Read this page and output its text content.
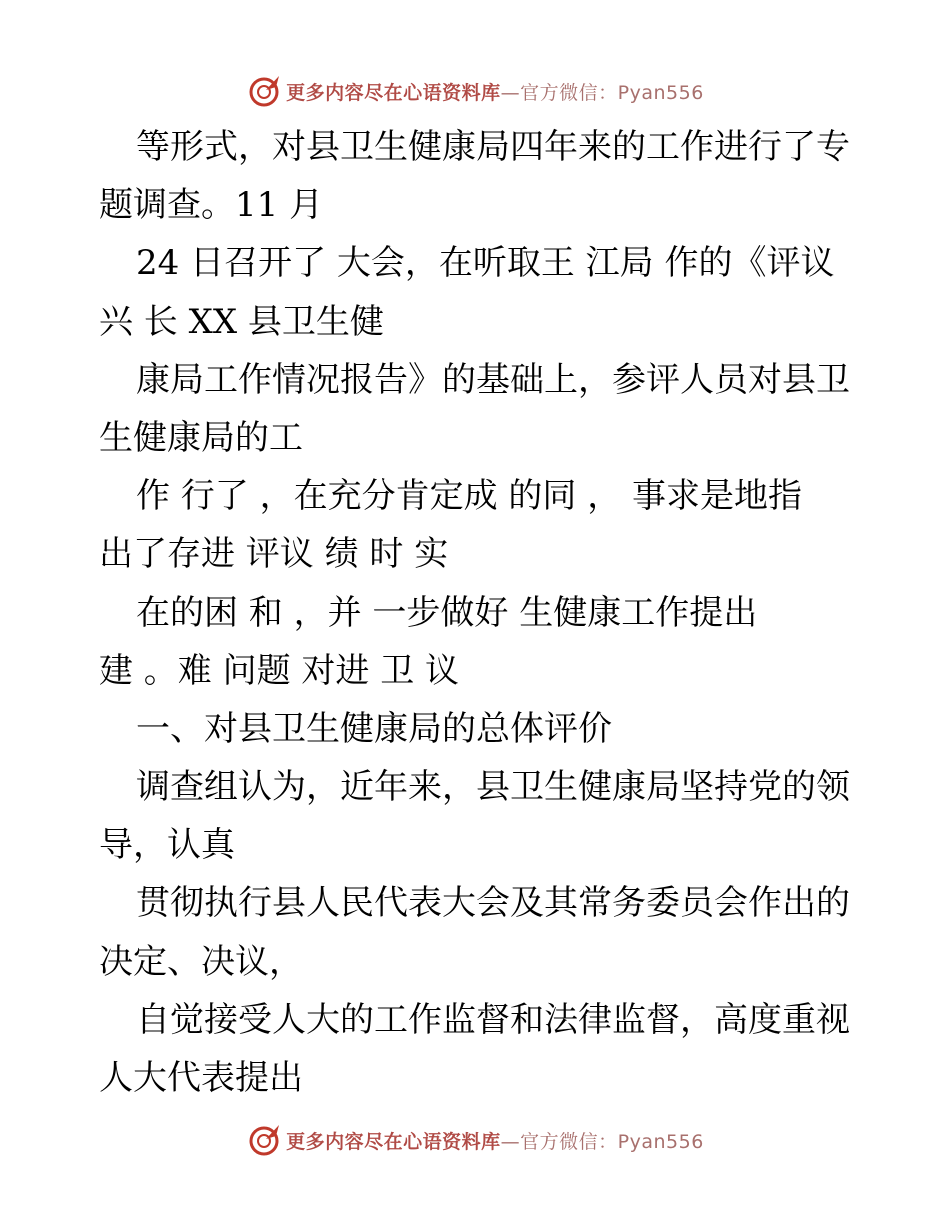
更多内容尽在心语资料库—官方微信：Pyan556
等形式，对县卫生健康局四年来的工作进行了专
题调查。11 月
24 日召开了 大会，在听取王 江局 作的《评议
兴 长 XX 县卫生健
康局工作情况报告》的基础上，参评人员对县卫
生健康局的工
作 行了 ，在充分肯定成 的同 ， 事求是地指
出了存进 评议 绩 时 实
在的困 和 ，并 一步做好 生健康工作提出
建 。难 问题 对进 卫 议
一、对县卫生健康局的总体评价
调查组认为，近年来，县卫生健康局坚持党的领
导，认真
贯彻执行县人民代表大会及其常务委员会作出的
决定、决议，
自觉接受人大的工作监督和法律监督，高度重视
人大代表提出
更多内容尽在心语资料库—官方微信：Pyan556
